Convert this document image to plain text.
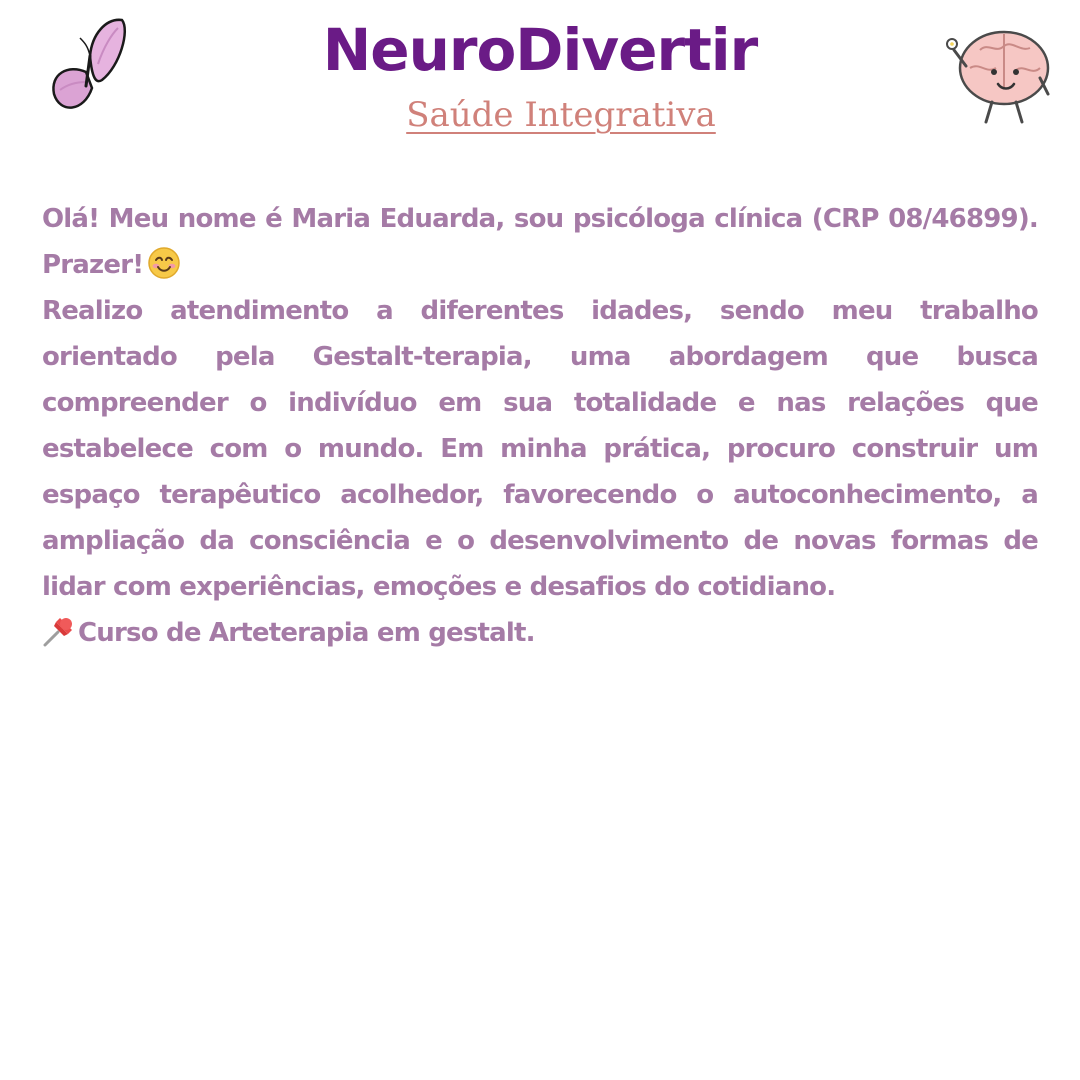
NeuroDivertir
Saúde Integrativa

Olá! Meu nome é Maria Eduarda, sou psicóloga clínica (CRP 08/46899). Prazer!

Realizo atendimento a diferentes idades, sendo meu trabalho orientado pela Gestalt-terapia, uma abordagem que busca compreender o indivíduo em sua totalidade e nas relações que estabelece com o mundo. Em minha prática, procuro construir um espaço terapêutico acolhedor, favorecendo o autoconhecimento, a ampliação da consciência e o desenvolvimento de novas formas de lidar com experiências, emoções e desafios do cotidiano.

Curso de Arteterapia em gestalt.
